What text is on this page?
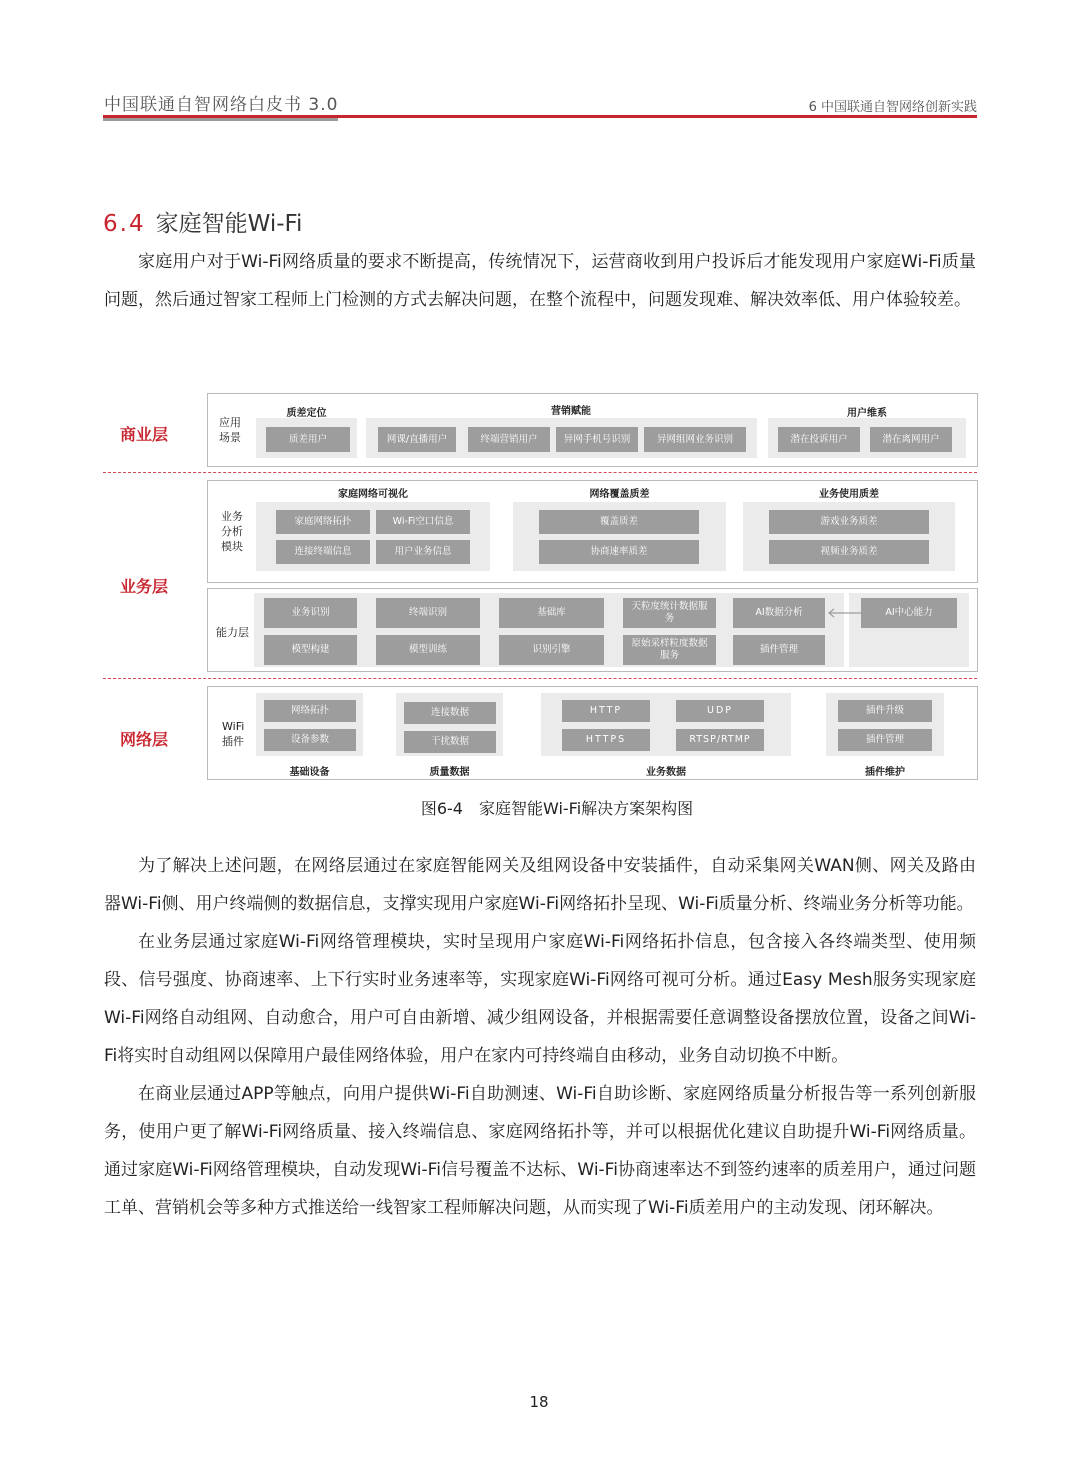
中国联通自智网络白皮书 3.0	6 中国联通自智网络创新实践
6.4 家庭智能Wi-Fi

家庭用户对于Wi-Fi网络质量的要求不断提高，传统情况下，运营商收到用户投诉后才能发现用户家庭Wi-Fi质量问题，然后通过智家工程师上门检测的方式去解决问题，在整个流程中，问题发现难、解决效率低、用户体验较差。

商业层
业务层
网络层
应用
场景
质差定位
质差用户
营销赋能
网课/直播用户	终端营销用户	异网手机号识别	异网组网业务识别
用户维系
潜在投诉用户	潜在离网用户
业务
分析
模块
家庭网络可视化
家庭网络拓扑	Wi-Fi空口信息
连接终端信息	用户业务信息
网络覆盖质差
覆盖质差
协商速率质差
业务使用质差
游戏业务质差
视频业务质差
能力层
业务识别	终端识别	基础库
天粒度统计数据服务
AI数据分析
模型构建	模型训练	识别引擎
原始采样粒度数据服务
插件管理
AI中心能力
WiFi
插件
网络拓扑
设备参数
基础设备
连接数据
干扰数据
质量数据
HTTP	UDP
HTTPS	RTSP/RTMP
业务数据
插件升级
插件管理
插件维护
图6-4　家庭智能Wi-Fi解决方案架构图

为了解决上述问题，在网络层通过在家庭智能网关及组网设备中安装插件，自动采集网关WAN侧、网关及路由器Wi-Fi侧、用户终端侧的数据信息，支撑实现用户家庭Wi-Fi网络拓扑呈现、Wi-Fi质量分析、终端业务分析等功能。

在业务层通过家庭Wi-Fi网络管理模块，实时呈现用户家庭Wi-Fi网络拓扑信息，包含接入各终端类型、使用频段、信号强度、协商速率、上下行实时业务速率等，实现家庭Wi-Fi网络可视可分析。通过Easy Mesh服务实现家庭Wi-Fi网络自动组网、自动愈合，用户可自由新增、减少组网设备，并根据需要任意调整设备摆放位置，设备之间Wi-Fi将实时自动组网以保障用户最佳网络体验，用户在家内可持终端自由移动，业务自动切换不中断。

在商业层通过APP等触点，向用户提供Wi-Fi自助测速、Wi-Fi自助诊断、家庭网络质量分析报告等一系列创新服务，使用户更了解Wi-Fi网络质量、接入终端信息、家庭网络拓扑等，并可以根据优化建议自助提升Wi-Fi网络质量。通过家庭Wi-Fi网络管理模块，自动发现Wi-Fi信号覆盖不达标、Wi-Fi协商速率达不到签约速率的质差用户，通过问题工单、营销机会等多种方式推送给一线智家工程师解决问题，从而实现了Wi-Fi质差用户的主动发现、闭环解决。

18
